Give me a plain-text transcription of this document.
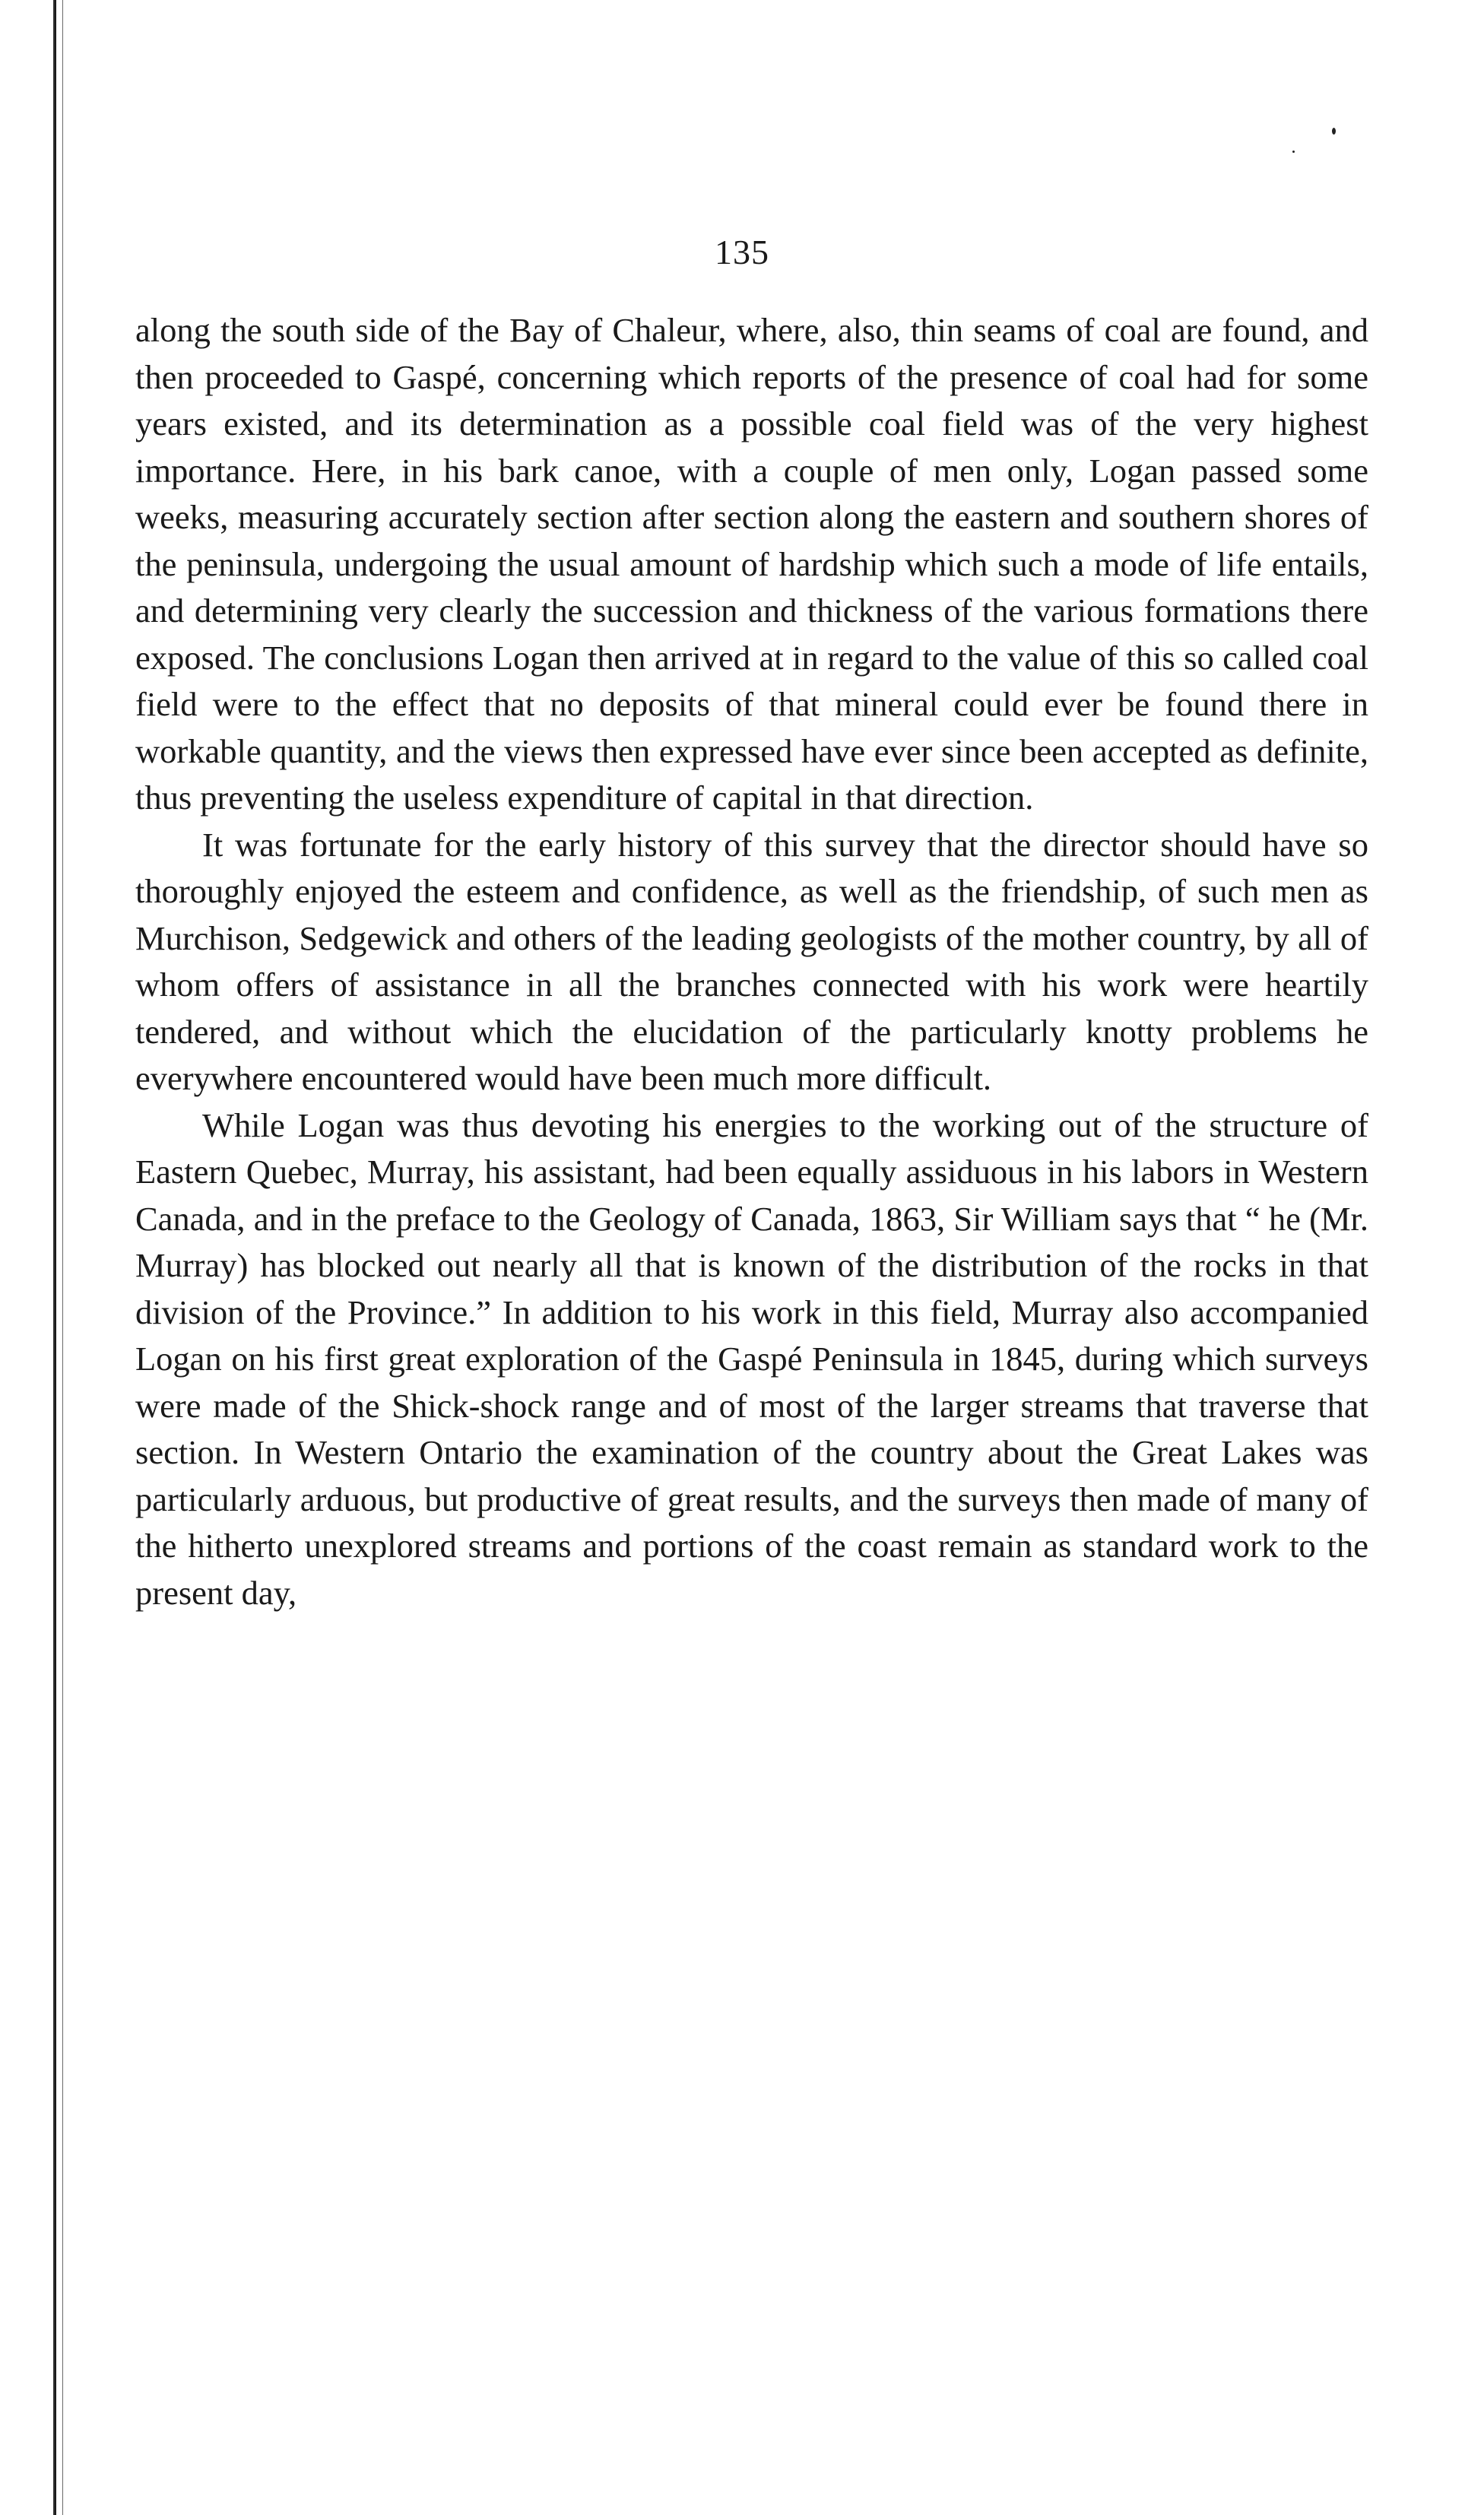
135

along the south side of the Bay of Chaleur, where, also, thin seams of coal are found, and then proceeded to Gaspé, concerning which reports of the presence of coal had for some years existed, and its determination as a possible coal field was of the very highest importance. Here, in his bark canoe, with a couple of men only, Logan passed some weeks, measuring accurately section after section along the eastern and southern shores of the peninsula, undergoing the usual amount of hardship which such a mode of life entails, and determining very clearly the succession and thickness of the various formations there exposed. The conclusions Logan then arrived at in regard to the value of this so called coal field were to the effect that no deposits of that mineral could ever be found there in workable quantity, and the views then expressed have ever since been accepted as definite, thus preventing the useless expenditure of capital in that direction.

It was fortunate for the early history of this survey that the director should have so thoroughly enjoyed the esteem and confidence, as well as the friendship, of such men as Murchison, Sedgewick and others of the leading geologists of the mother country, by all of whom offers of assistance in all the branches connected with his work were heartily tendered, and without which the elucidation of the particularly knotty problems he everywhere encountered would have been much more difficult.

While Logan was thus devoting his energies to the working out of the structure of Eastern Quebec, Murray, his assistant, had been equally assiduous in his labors in Western Canada, and in the preface to the Geology of Canada, 1863, Sir William says that “ he (Mr. Murray) has blocked out nearly all that is known of the distribution of the rocks in that division of the Province.” In addition to his work in this field, Murray also accompanied Logan on his first great exploration of the Gaspé Peninsula in 1845, during which surveys were made of the Shick-shock range and of most of the larger streams that traverse that section. In Western Ontario the examination of the country about the Great Lakes was particularly arduous, but productive of great results, and the surveys then made of many of the hitherto unexplored streams and portions of the coast remain as standard work to the present day,
